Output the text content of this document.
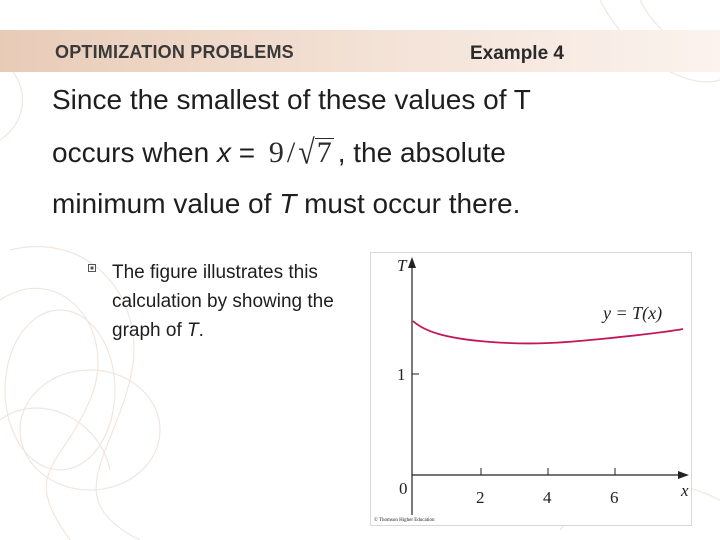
OPTIMIZATION PROBLEMS	Example 4
Since the smallest of these values of T
occurs when x = 9 / √7 , the absolute
minimum value of T must occur there.
The figure illustrates this calculation by showing the graph of T.
T
x
1
0	2	4	6
y = T(x)
© Thomson Higher Education
